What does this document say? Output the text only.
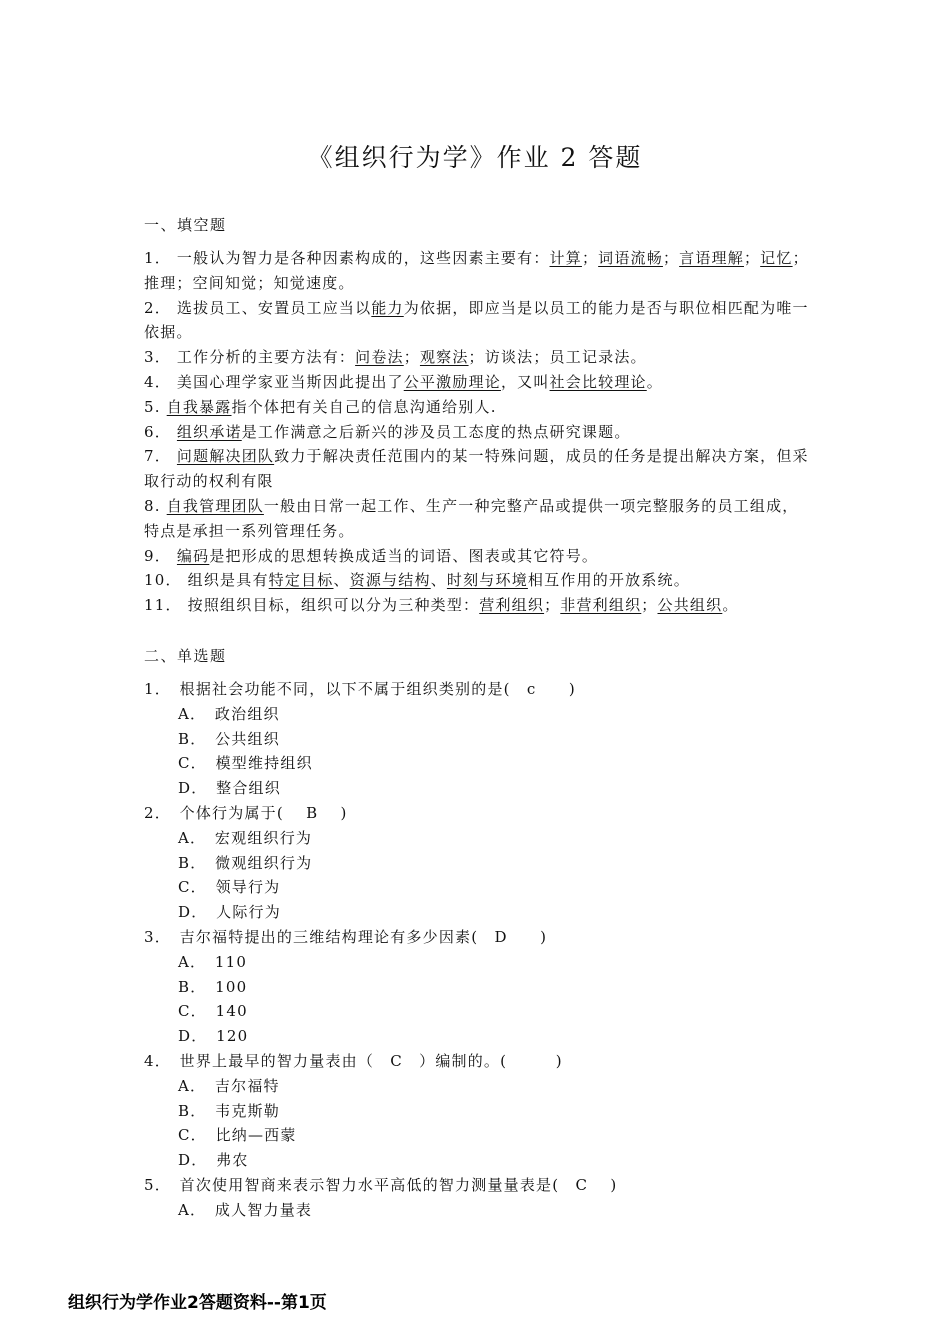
《组织行为学》作业 2 答题
一、填空题

1． 一般认为智力是各种因素构成的，这些因素主要有：计算；词语流畅；言语理解；记忆；推理；空间知觉；知觉速度。

2． 选拔员工、安置员工应当以能力为依据，即应当是以员工的能力是否与职位相匹配为唯一依据。

3． 工作分析的主要方法有：问卷法；观察法；访谈法；员工记录法。

4． 美国心理学家亚当斯因此提出了公平激励理论，又叫社会比较理论。

5. 自我暴露指个体把有关自己的信息沟通给别人.

6． 组织承诺是工作满意之后新兴的涉及员工态度的热点研究课题。

7． 问题解决团队致力于解决责任范围内的某一特殊问题，成员的任务是提出解决方案，但采取行动的权利有限

8. 自我管理团队一般由日常一起工作、生产一种完整产品或提供一项完整服务的员工组成，特点是承担一系列管理任务。

9． 编码是把形成的思想转换成适当的词语、图表或其它符号。

10． 组织是具有特定目标、资源与结构、时刻与环境相互作用的开放系统。

11． 按照组织目标，组织可以分为三种类型：营利组织；非营利组织；公共组织。

二、单选题

1．　根据社会功能不同，以下不属于组织类别的是(　c　　)

A．　政治组织

B．　公共组织

C．　模型维持组织

D．　整合组织

2．　个体行为属于(　 B　 )

A．　宏观组织行为

B．　微观组织行为

C．　领导行为

D．　人际行为

3．　吉尔福特提出的三维结构理论有多少因素(　D　　)

A．　110

B．　100

C．　140

D．　120

4．　世界上最早的智力量表由（　C　）编制的。(　　　)

A．　吉尔福特

B．　韦克斯勒

C．　比纳—西蒙

D．　弗农

5．　首次使用智商来表示智力水平高低的智力测量量表是(　C　 )

A．　成人智力量表

组织行为学作业2答题资料--第1页
